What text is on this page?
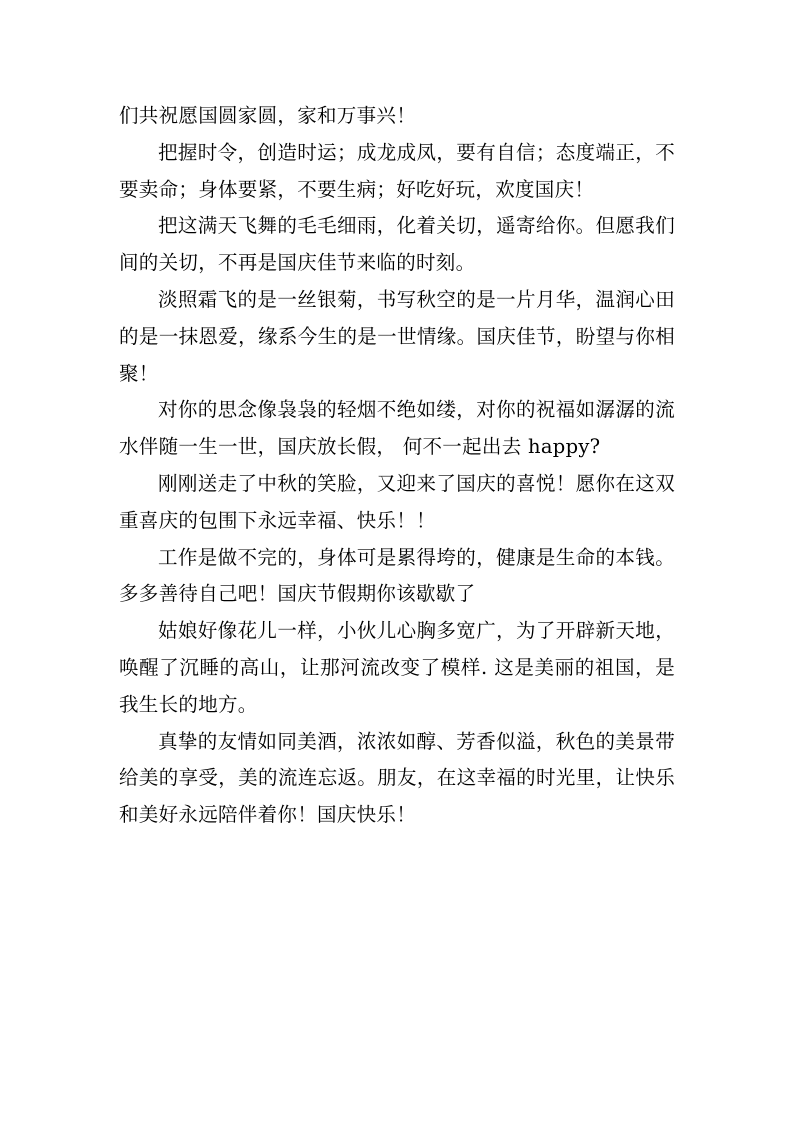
们共祝愿国圆家圆，家和万事兴！

把握时令，创造时运；成龙成凤，要有自信；态度端正，不要卖命；身体要紧，不要生病；好吃好玩，欢度国庆！

把这满天飞舞的毛毛细雨，化着关切，遥寄给你。但愿我们间的关切，不再是国庆佳节来临的时刻。

淡照霜飞的是一丝银菊，书写秋空的是一片月华，温润心田的是一抹恩爱，缘系今生的是一世情缘。国庆佳节，盼望与你相聚！

对你的思念像袅袅的轻烟不绝如缕，对你的祝福如潺潺的流水伴随一生一世，国庆放长假， 何不一起出去 happy?

刚刚送走了中秋的笑脸，又迎来了国庆的喜悦！愿你在这双重喜庆的包围下永远幸福、快乐！！

工作是做不完的，身体可是累得垮的，健康是生命的本钱。多多善待自己吧！国庆节假期你该歇歇了

姑娘好像花儿一样，小伙儿心胸多宽广，为了开辟新天地，唤醒了沉睡的高山，让那河流改变了模样. 这是美丽的祖国，是我生长的地方。

真挚的友情如同美酒，浓浓如醇、芳香似溢，秋色的美景带给美的享受，美的流连忘返。朋友，在这幸福的时光里，让快乐和美好永远陪伴着你！国庆快乐！
